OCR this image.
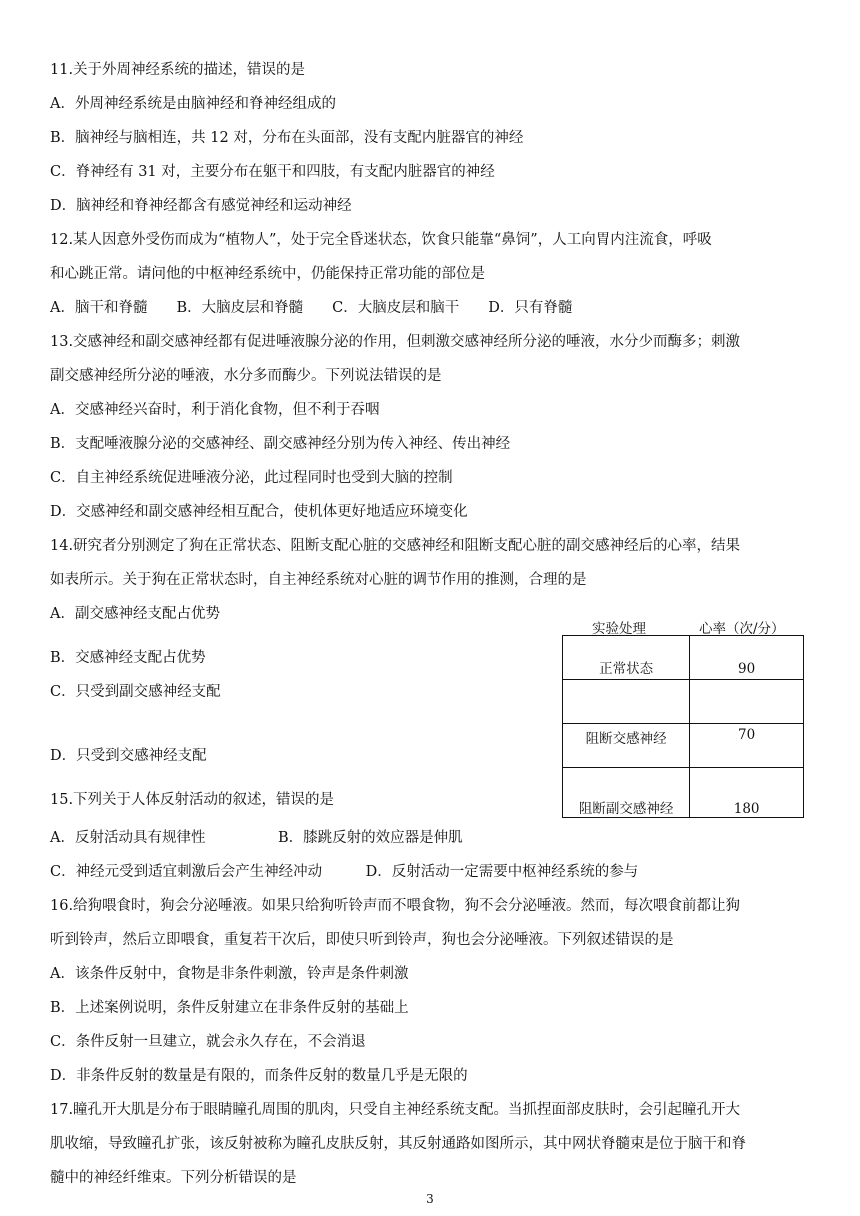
11.关于外周神经系统的描述，错误的是
A．外周神经系统是由脑神经和脊神经组成的
B．脑神经与脑相连，共 12 对，分布在头面部，没有支配内脏器官的神经
C．脊神经有 31 对，主要分布在躯干和四肢，有支配内脏器官的神经
D．脑神经和脊神经都含有感觉神经和运动神经
12.某人因意外受伤而成为“植物人”，处于完全昏迷状态，饮食只能靠“鼻饲”，人工向胃内注流食，呼吸
和心跳正常。请问他的中枢神经系统中，仍能保持正常功能的部位是
A．脑干和脊髓　　B．大脑皮层和脊髓　　C．大脑皮层和脑干　　D．只有脊髓
13.交感神经和副交感神经都有促进唾液腺分泌的作用，但刺激交感神经所分泌的唾液，水分少而酶多；刺激
副交感神经所分泌的唾液，水分多而酶少。下列说法错误的是
A．交感神经兴奋时，利于消化食物，但不利于吞咽
B．支配唾液腺分泌的交感神经、副交感神经分别为传入神经、传出神经
C．自主神经系统促进唾液分泌，此过程同时也受到大脑的控制
D．交感神经和副交感神经相互配合，使机体更好地适应环境变化
14.研究者分别测定了狗在正常状态、阻断支配心脏的交感神经和阻断支配心脏的副交感神经后的心率，结果
如表所示。关于狗在正常状态时，自主神经系统对心脏的调节作用的推测，合理的是
A．副交感神经支配占优势
B．交感神经支配占优势
C．只受到副交感神经支配
D．只受到交感神经支配
15.下列关于人体反射活动的叙述，错误的是
A．反射活动具有规律性　　　　　B．膝跳反射的效应器是伸肌
C．神经元受到适宜刺激后会产生神经冲动　　　D．反射活动一定需要中枢神经系统的参与
16.给狗喂食时，狗会分泌唾液。如果只给狗听铃声而不喂食物，狗不会分泌唾液。然而，每次喂食前都让狗
听到铃声，然后立即喂食，重复若干次后，即使只听到铃声，狗也会分泌唾液。下列叙述错误的是
A．该条件反射中，食物是非条件刺激，铃声是条件刺激
B．上述案例说明，条件反射建立在非条件反射的基础上
C．条件反射一旦建立，就会永久存在，不会消退
D．非条件反射的数量是有限的，而条件反射的数量几乎是无限的
17.瞳孔开大肌是分布于眼睛瞳孔周围的肌肉，只受自主神经系统支配。当抓捏面部皮肤时，会引起瞳孔开大
肌收缩，导致瞳孔扩张，该反射被称为瞳孔皮肤反射，其反射通路如图所示，其中网状脊髓束是位于脑干和脊
髓中的神经纤维束。下列分析错误的是
实验处理	心率（次/分）
正常状态	90

阻断交感神经	70
阻断副交感神经	180
3
